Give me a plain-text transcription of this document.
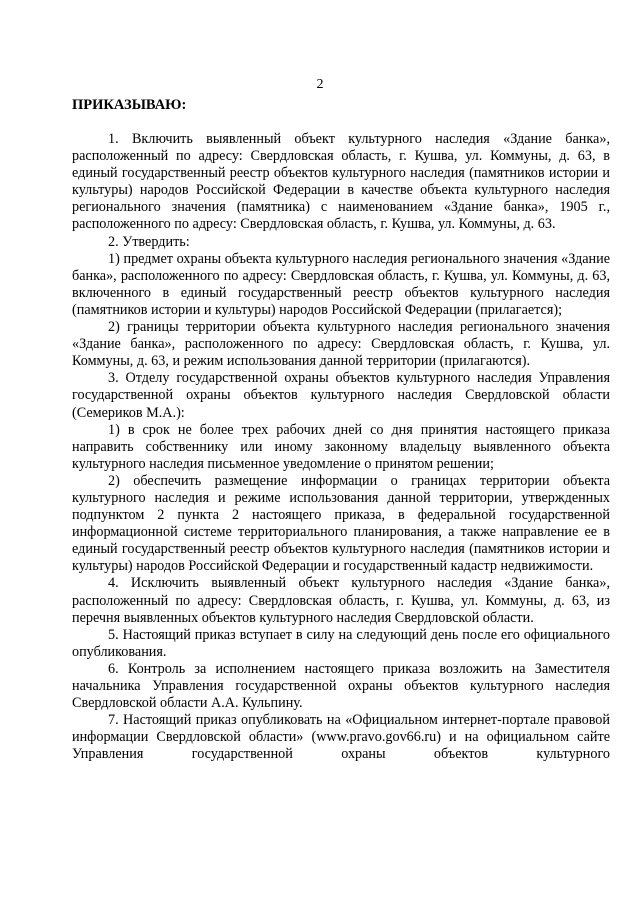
2
ПРИКАЗЫВАЮ:

1. Включить выявленный объект культурного наследия «Здание банка», расположенный по адресу: Свердловская область, г. Кушва, ул. Коммуны, д. 63, в единый государственный реестр объектов культурного наследия (памятников истории и культуры) народов Российской Федерации в качестве объекта культурного наследия регионального значения (памятника) с наименованием «Здание банка», 1905 г., расположенного по адресу: Свердловская область, г. Кушва, ул. Коммуны, д. 63.

2. Утвердить:

1) предмет охраны объекта культурного наследия регионального значения «Здание банка», расположенного по адресу: Свердловская область, г. Кушва, ул. Коммуны, д. 63, включенного в единый государственный реестр объектов культурного наследия (памятников истории и культуры) народов Российской Федерации (прилагается);

2) границы территории объекта культурного наследия регионального значения «Здание банка», расположенного по адресу: Свердловская область, г. Кушва, ул. Коммуны, д. 63, и режим использования данной территории (прилагаются).

3. Отделу государственной охраны объектов культурного наследия Управления государственной охраны объектов культурного наследия Свердловской области (Семериков М.А.):

1) в срок не более трех рабочих дней со дня принятия настоящего приказа направить собственнику или иному законному владельцу выявленного объекта культурного наследия письменное уведомление о принятом решении;

2) обеспечить размещение информации о границах территории объекта культурного наследия и режиме использования данной территории, утвержденных подпунктом 2 пункта 2 настоящего приказа, в федеральной государственной информационной системе территориального планирования, а также направление ее в единый государственный реестр объектов культурного наследия (памятников истории и культуры) народов Российской Федерации и государственный кадастр недвижимости.

4. Исключить выявленный объект культурного наследия «Здание банка», расположенный по адресу: Свердловская область, г. Кушва, ул. Коммуны, д. 63, из перечня выявленных объектов культурного наследия Свердловской области.

5. Настоящий приказ вступает в силу на следующий день после его официального опубликования.

6. Контроль за исполнением настоящего приказа возложить на Заместителя начальника Управления государственной охраны объектов культурного наследия Свердловской области А.А. Кульпину.

7. Настоящий приказ опубликовать на «Официальном интернет-портале правовой информации Свердловской области» (www.pravo.gov66.ru) и на официальном сайте Управления государственной охраны объектов культурного
